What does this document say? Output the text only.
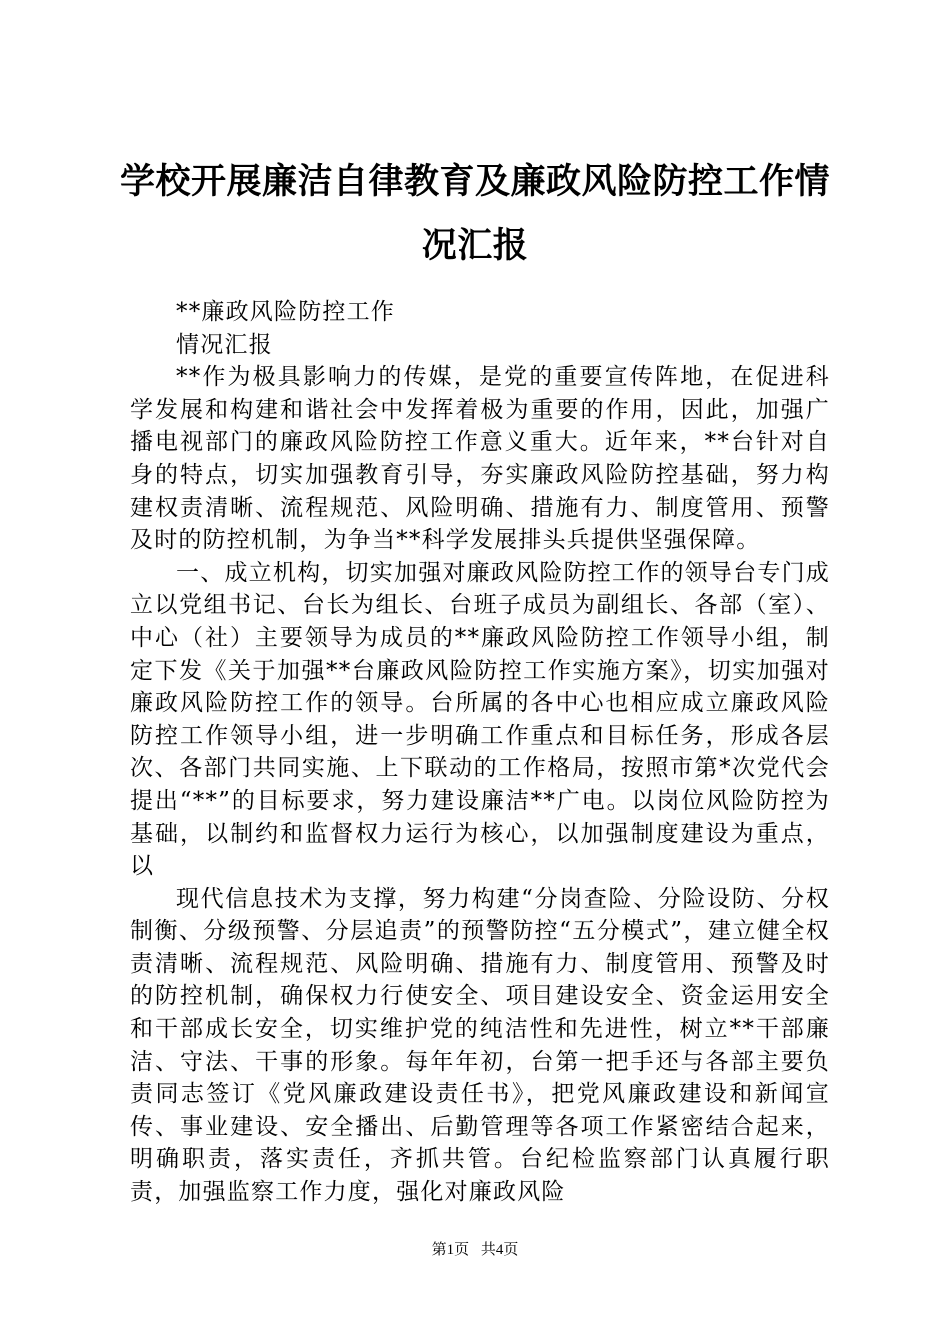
学校开展廉洁自律教育及廉政风险防控工作情况汇报

**廉政风险防控工作

情况汇报

**作为极具影响力的传媒，是党的重要宣传阵地，在促进科学发展和构建和谐社会中发挥着极为重要的作用，因此，加强广播电视部门的廉政风险防控工作意义重大。近年来，**台针对自身的特点，切实加强教育引导，夯实廉政风险防控基础，努力构建权责清晰、流程规范、风险明确、措施有力、制度管用、预警及时的防控机制，为争当**科学发展排头兵提供坚强保障。

一、成立机构，切实加强对廉政风险防控工作的领导台专门成立以党组书记、台长为组长、台班子成员为副组长、各部（室）、中心（社）主要领导为成员的**廉政风险防控工作领导小组，制定下发《关于加强**台廉政风险防控工作实施方案》，切实加强对廉政风险防控工作的领导。台所属的各中心也相应成立廉政风险防控工作领导小组，进一步明确工作重点和目标任务，形成各层次、各部门共同实施、上下联动的工作格局，按照市第*次党代会提出“**”的目标要求，努力建设廉洁**广电。以岗位风险防控为基础，以制约和监督权力运行为核心，以加强制度建设为重点，以

现代信息技术为支撑，努力构建“分岗查险、分险设防、分权制衡、分级预警、分层追责”的预警防控“五分模式”，建立健全权责清晰、流程规范、风险明确、措施有力、制度管用、预警及时的防控机制，确保权力行使安全、项目建设安全、资金运用安全和干部成长安全，切实维护党的纯洁性和先进性，树立**干部廉洁、守法、干事的形象。每年年初，台第一把手还与各部主要负责同志签订《党风廉政建设责任书》，把党风廉政建设和新闻宣传、事业建设、安全播出、后勤管理等各项工作紧密结合起来，明确职责，落实责任，齐抓共管。台纪检监察部门认真履行职责，加强监察工作力度，强化对廉政风险

第1页 共4页
